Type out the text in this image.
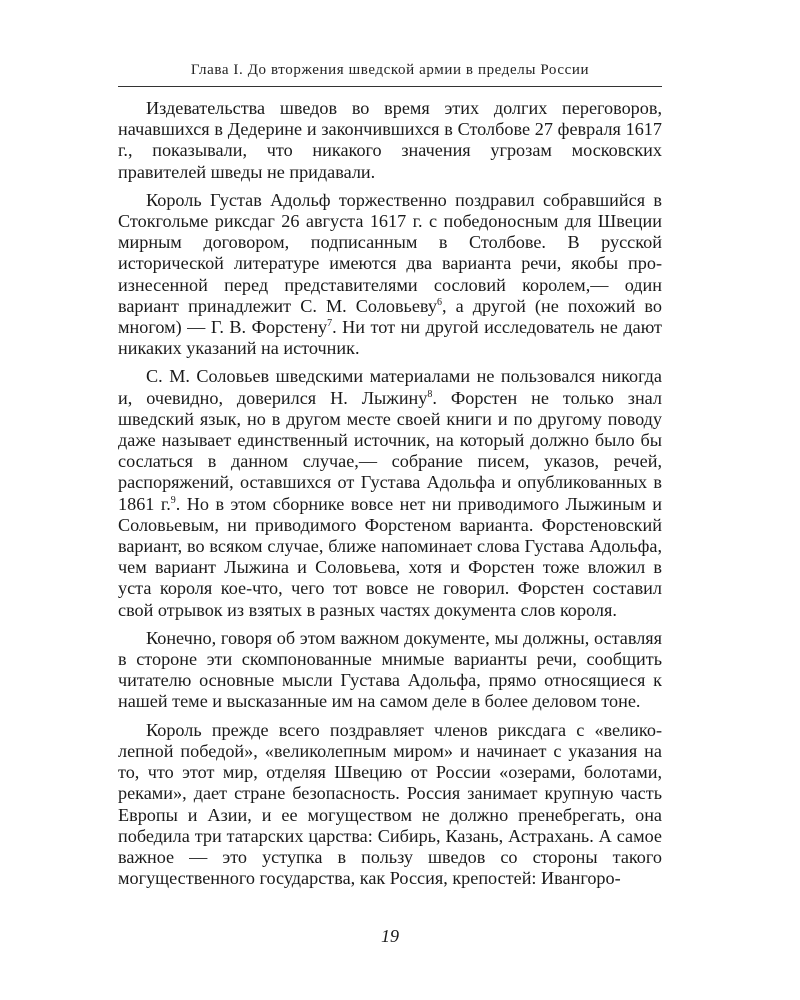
Глава I. До вторжения шведской армии в пределы России

Издевательства шведов во время этих долгих переговоров, начавшихся в Дедерине и закончившихся в Столбове 27 февраля 1617 г., показывали, что никакого значения угрозам московских правителей шведы не придавали.

Король Густав Адольф торжественно поздравил собравшийся в Стокгольме риксдаг 26 августа 1617 г. с победоносным для Швеции мирным договором, подписанным в Столбове. В русской исторической литературе имеются два варианта речи, якобы произнесенной перед представителями сословий королем,— один вариант принадлежит С. М. Соловьеву$^6$, а другой (не похожий во многом) — Г. В. Форстену$^7$. Ни тот ни другой исследователь не дают никаких указаний на источник.

С. М. Соловьев шведскими материалами не пользовался никогда и, очевидно, доверился Н. Лыжину$^8$. Форстен не только знал шведский язык, но в другом месте своей книги и по другому поводу даже называет единственный источник, на который должно было бы сослаться в данном случае,— собрание писем, указов, речей, распоряжений, оставшихся от Густава Адольфа и опубликованных в 1861 г.$^9$. Но в этом сборнике вовсе нет ни приводимого Лыжиным и Соловьевым, ни приводимого Форстеном варианта. Форстеновский вариант, во всяком случае, ближе напоминает слова Густава Адольфа, чем вариант Лыжина и Соловьева, хотя и Форстен тоже вложил в уста короля кое-что, чего тот вовсе не говорил. Форстен составил свой отрывок из взятых в разных частях документа слов короля.

Конечно, говоря об этом важном документе, мы должны, оставляя в стороне эти скомпонованные мнимые варианты речи, сообщить читателю основные мысли Густава Адольфа, прямо относящиеся к нашей теме и высказанные им на самом деле в более деловом тоне.

Король прежде всего поздравляет членов риксдага с «великолепной победой», «великолепным миром» и начинает с указания на то, что этот мир, отделяя Швецию от России «озерами, болотами, реками», дает стране безопасность. Россия занимает крупную часть Европы и Азии, и ее могуществом не должно пренебрегать, она победила три татарских царства: Сибирь, Казань, Астрахань. А самое важное — это уступка в пользу шведов со стороны такого могущественного государства, как Россия, крепостей: Ивангоро-

19
